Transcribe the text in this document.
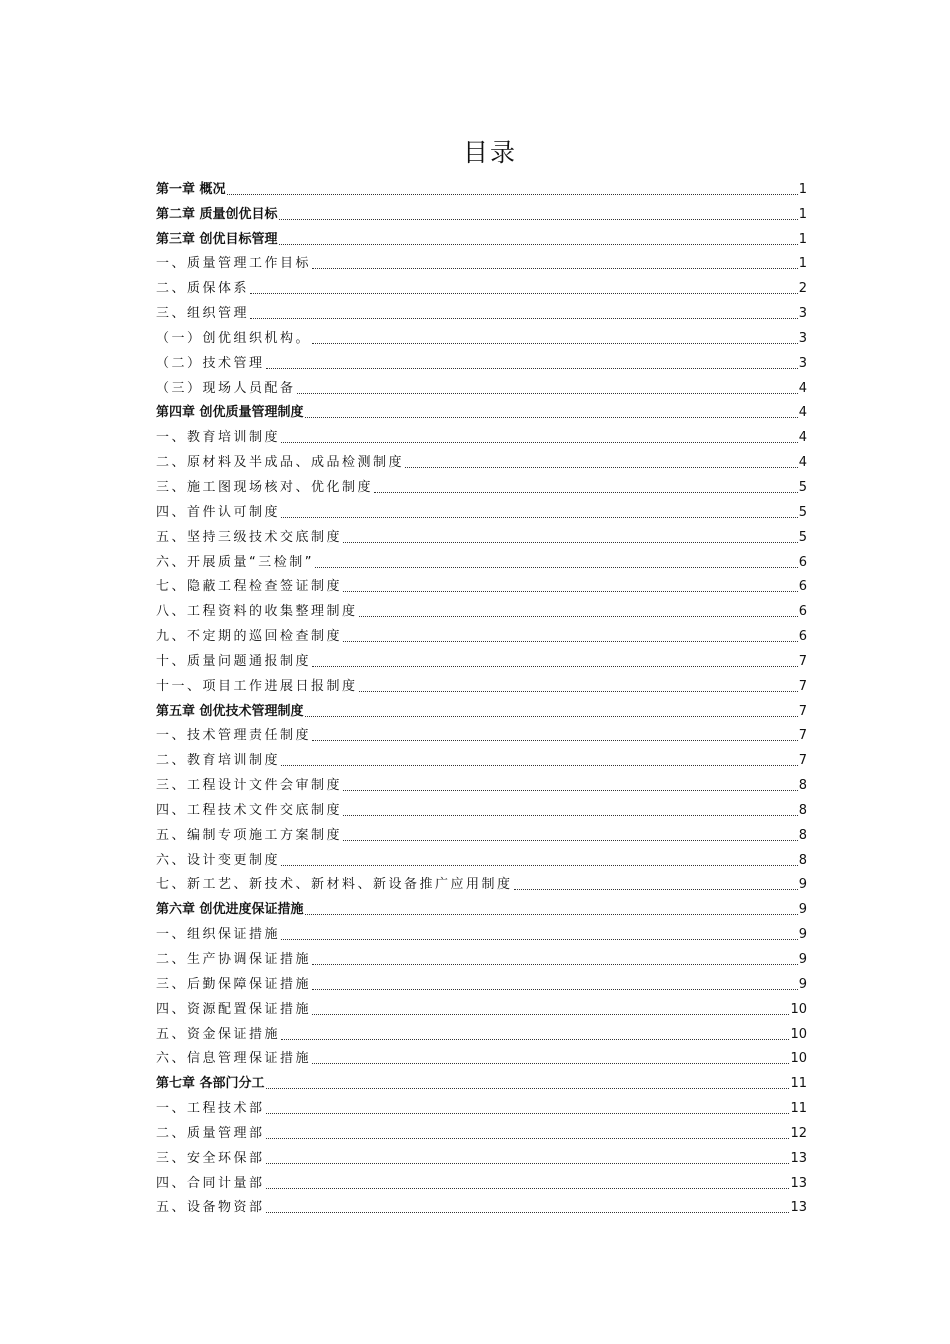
目录
第一章 概况	1
第二章 质量创优目标	1
第三章 创优目标管理	1
一、质量管理工作目标	1
二、质保体系	2
三、组织管理	3
（一）创优组织机构。	3
（二）技术管理	3
（三）现场人员配备	4
第四章 创优质量管理制度	4
一、教育培训制度	4
二、原材料及半成品、成品检测制度	4
三、施工图现场核对、优化制度	5
四、首件认可制度	5
五、坚持三级技术交底制度	5
六、开展质量“三检制”	6
七、隐蔽工程检查签证制度	6
八、工程资料的收集整理制度	6
九、不定期的巡回检查制度	6
十、质量问题通报制度	7
十一、项目工作进展日报制度	7
第五章 创优技术管理制度	7
一、技术管理责任制度	7
二、教育培训制度	7
三、工程设计文件会审制度	8
四、工程技术文件交底制度	8
五、编制专项施工方案制度	8
六、设计变更制度	8
七、新工艺、新技术、新材料、新设备推广应用制度	9
第六章 创优进度保证措施	9
一、组织保证措施	9
二、生产协调保证措施	9
三、后勤保障保证措施	9
四、资源配置保证措施	10
五、资金保证措施	10
六、信息管理保证措施	10
第七章 各部门分工	11
一、工程技术部	11
二、质量管理部	12
三、安全环保部	13
四、合同计量部	13
五、设备物资部	13
